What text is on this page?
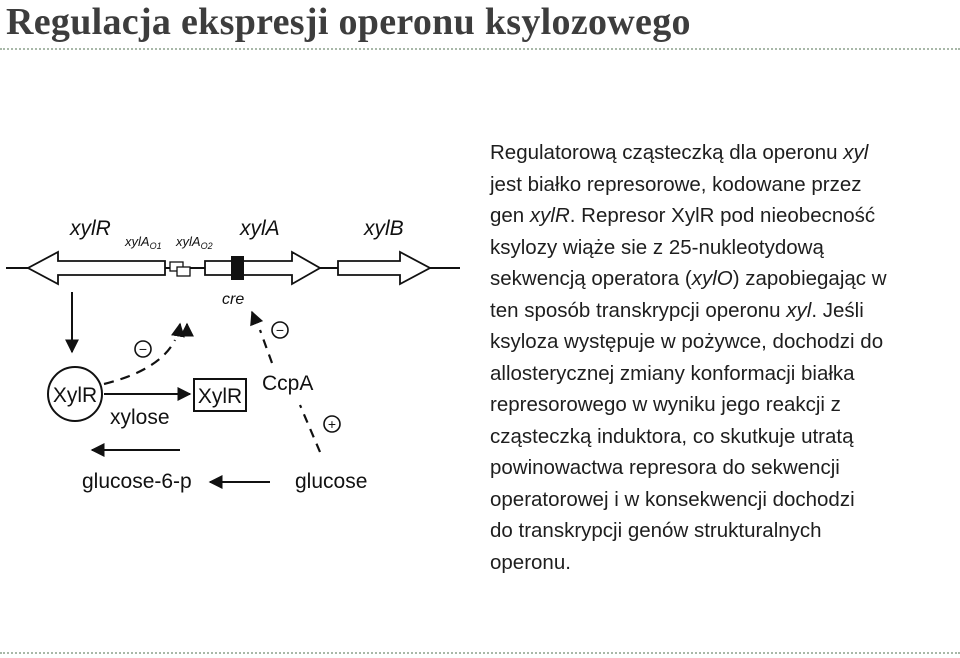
Regulacja ekspresji operonu ksylozowego
xylR	xylA	xylB
xylA$_{O1}$ xylA$_{O2}$
cre
XylR	XylR
xylose
−
CcpA
−
+
glucose
glucose-6-p
Regulatorową cząsteczką dla operonu xyl
jest białko represorowe, kodowane przez
gen xylR. Represor XylR pod nieobecność
ksylozy wiąże sie z 25-nukleotydową
sekwencją operatora (xylO) zapobiegając w
ten sposób transkrypcji operonu xyl. Jeśli
ksyloza występuje w pożywce, dochodzi do
allosterycznej zmiany konformacji białka
represorowego w wyniku jego reakcji z
cząsteczką induktora, co skutkuje utratą
powinowactwa represora do sekwencji
operatorowej i w konsekwencji dochodzi
do transkrypcji genów strukturalnych
operonu.
